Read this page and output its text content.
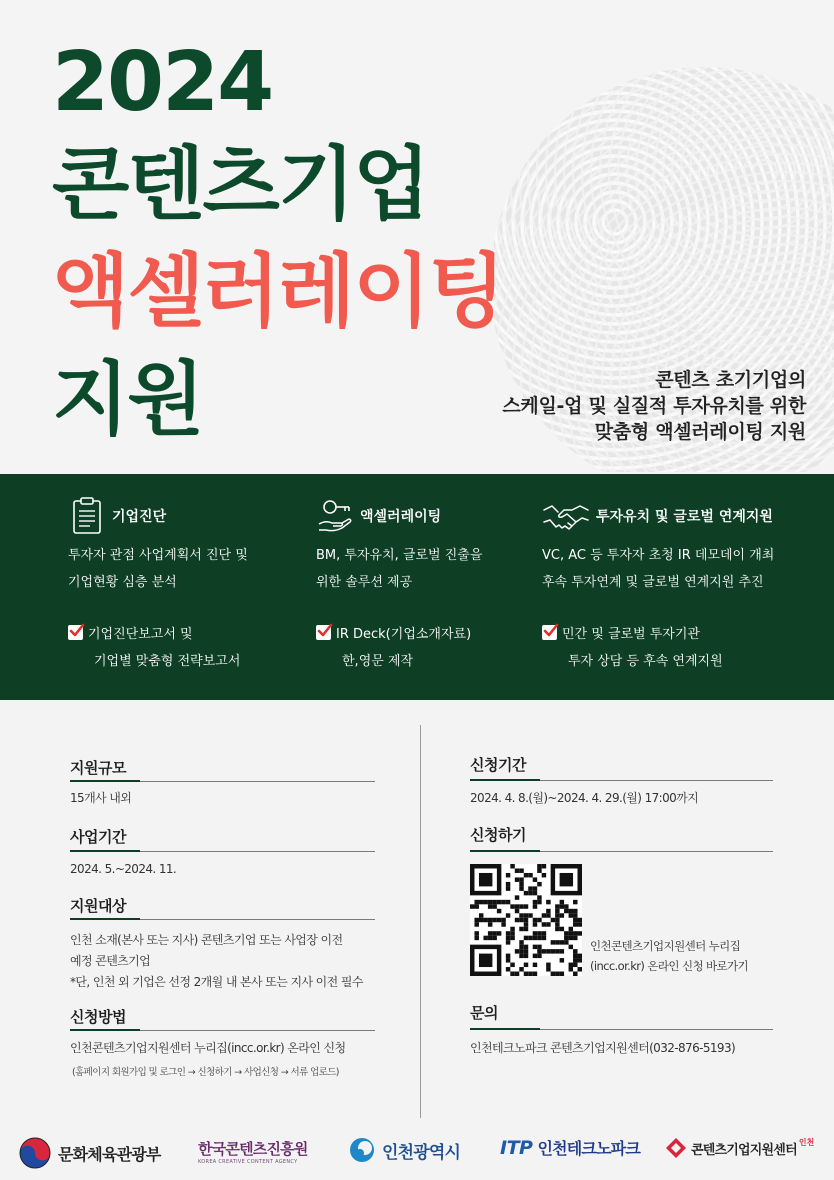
2024
콘텐츠기업
액셀러레이팅
지원	콘텐츠 초기기업의
스케일-업 및 실질적 투자유치를 위한
맞춤형 액셀러레이팅 지원
기업진단
투자자 관점 사업계획서 진단 및
기업현황 심층 분석
기업진단보고서 및
기업별 맞춤형 전략보고서
액셀러레이팅
BM, 투자유치, 글로벌 진출을
위한 솔루션 제공
IR Deck(기업소개자료)
한,영문 제작
투자유치 및 글로벌 연계지원
VC, AC 등 투자자 초청 IR 데모데이 개최
후속 투자연계 및 글로벌 연계지원 추진
민간 및 글로벌 투자기관
투자 상담 등 후속 연계지원
지원규모
15개사 내외
사업기간
2024. 5.~2024. 11.
지원대상
인천 소재(본사 또는 지사) 콘텐츠기업 또는 사업장 이전
예정 콘텐츠기업
*단, 인천 외 기업은 선정 2개월 내 본사 또는 지사 이전 필수
신청방법
인천콘텐츠기업지원센터 누리집(incc.or.kr) 온라인 신청
(홈페이지 회원가입 및 로그인 → 신청하기 → 사업신청 → 서류 업로드)
신청기간
2024. 4. 8.(월)~2024. 4. 29.(월) 17:00까지
신청하기
인천콘텐츠기업지원센터 누리집
(incc.or.kr) 온라인 신청 바로가기
문의
인천테크노파크 콘텐츠기업지원센터(032-876-5193)
문화체육관광부 한국콘텐츠진흥원
KOREA CREATIVE CONTENT AGENCY	인천광역시 ITP 인천테크노파크	콘텐츠기업지원센터
인천
